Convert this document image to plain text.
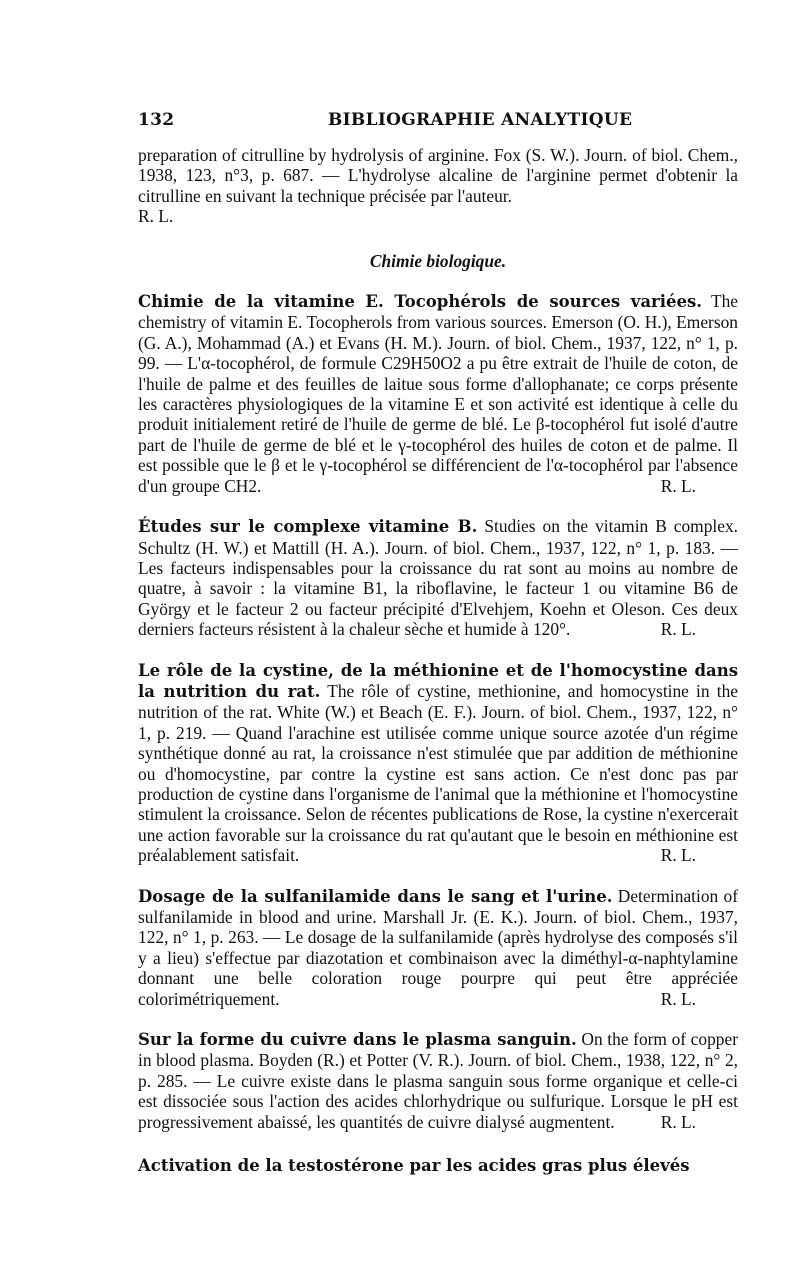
132	BIBLIOGRAPHIE ANALYTIQUE

preparation of citrulline by hydrolysis of arginine. Fox (S. W.). Journ. of biol. Chem., 1938, 123, n°3, p. 687. — L'hydrolyse alcaline de l'arginine permet d'obtenir la citrulline en suivant la technique précisée par l'auteur.

R. L.

Chimie biologique.

Chimie de la vitamine E. Tocophérols de sources variées. The chemistry of vitamin E. Tocopherols from various sources. Emerson (O. H.), Emerson (G. A.), Mohammad (A.) et Evans (H. M.). Journ. of biol. Chem., 1937, 122, n° 1, p. 99. — L'α-tocophérol, de formule C29H50O2 a pu être extrait de l'huile de coton, de l'huile de palme et des feuilles de laitue sous forme d'allophanate; ce corps présente les caractères physiologiques de la vitamine E et son activité est identique à celle du produit initialement retiré de l'huile de germe de blé. Le β-tocophérol fut isolé d'autre part de l'huile de germe de blé et le γ-tocophérol des huiles de coton et de palme. Il est possible que le β et le γ-tocophérol se différencient de l'α-tocophérol par l'absence d'un groupe CH2.	R. L.

Études sur le complexe vitamine B. Studies on the vitamin B complex. Schultz (H. W.) et Mattill (H. A.). Journ. of biol. Chem., 1937, 122, n° 1, p. 183. — Les facteurs indispensables pour la croissance du rat sont au moins au nombre de quatre, à savoir : la vitamine B1, la riboflavine, le facteur 1 ou vitamine B6 de György et le facteur 2 ou facteur précipité d'Elvehjem, Koehn et Oleson. Ces deux derniers facteurs résistent à la chaleur sèche et humide à 120°.	R. L.

Le rôle de la cystine, de la méthionine et de l'homocystine dans la nutrition du rat. The rôle of cystine, methionine, and homocystine in the nutrition of the rat. White (W.) et Beach (E. F.). Journ. of biol. Chem., 1937, 122, n° 1, p. 219. — Quand l'arachine est utilisée comme unique source azotée d'un régime synthétique donné au rat, la croissance n'est stimulée que par addition de méthionine ou d'homocystine, par contre la cystine est sans action. Ce n'est donc pas par production de cystine dans l'organisme de l'animal que la méthionine et l'homocystine stimulent la croissance. Selon de récentes publications de Rose, la cystine n'exercerait une action favorable sur la croissance du rat qu'autant que le besoin en méthionine est préalablement satisfait.	R. L.

Dosage de la sulfanilamide dans le sang et l'urine. Determination of sulfanilamide in blood and urine. Marshall Jr. (E. K.). Journ. of biol. Chem., 1937, 122, n° 1, p. 263. — Le dosage de la sulfanilamide (après hydrolyse des composés s'il y a lieu) s'effectue par diazotation et combinaison avec la diméthyl-α-naphtylamine donnant une belle coloration rouge pourpre qui peut être appréciée colorimétriquement.	R. L.

Sur la forme du cuivre dans le plasma sanguin. On the form of copper in blood plasma. Boyden (R.) et Potter (V. R.). Journ. of biol. Chem., 1938, 122, n° 2, p. 285. — Le cuivre existe dans le plasma sanguin sous forme organique et celle-ci est dissociée sous l'action des acides chlorhydrique ou sulfurique. Lorsque le pH est progressivement abaissé, les quantités de cuivre dialysé augmentent.	R. L.

Activation de la testostérone par les acides gras plus élevés
